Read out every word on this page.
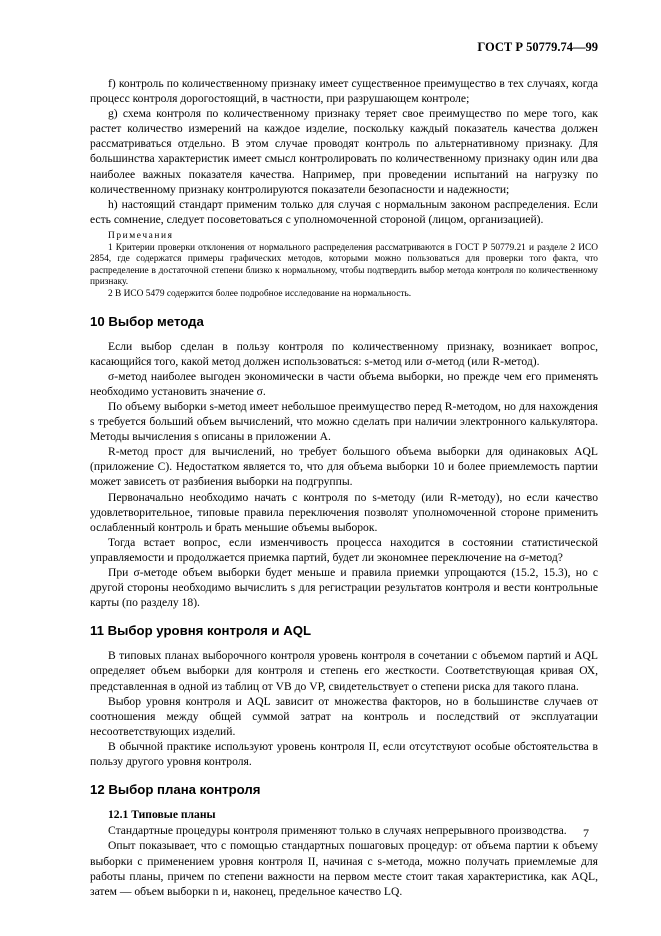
ГОСТ Р 50779.74—99

f) контроль по количественному признаку имеет существенное преимущество в тех случаях, когда процесс контроля дорогостоящий, в частности, при разрушающем контроле;

g) схема контроля по количественному признаку теряет свое преимущество по мере того, как растет количество измерений на каждое изделие, поскольку каждый показатель качества должен рассматриваться отдельно. В этом случае проводят контроль по альтернативному признаку. Для большинства характеристик имеет смысл контролировать по количественному признаку один или два наиболее важных показателя качества. Например, при проведении испытаний на нагрузку по количественному признаку контролируются показатели безопасности и надежности;

h) настоящий стандарт применим только для случая с нормальным законом распределения. Если есть сомнение, следует посоветоваться с уполномоченной стороной (лицом, организацией).

Примечания

1 Критерии проверки отклонения от нормального распределения рассматриваются в ГОСТ Р 50779.21 и разделе 2 ИСО 2854, где содержатся примеры графических методов, которыми можно пользоваться для проверки того факта, что распределение в достаточной степени близко к нормальному, чтобы подтвердить выбор метода контроля по количественному признаку.

2 В ИСО 5479 содержится более подробное исследование на нормальность.

10 Выбор метода

Если выбор сделан в пользу контроля по количественному признаку, возникает вопрос, касающийся того, какой метод должен использоваться: s-метод или σ-метод (или R-метод).

σ-метод наиболее выгоден экономически в части объема выборки, но прежде чем его применять необходимо установить значение σ.

По объему выборки s-метод имеет небольшое преимущество перед R-методом, но для нахождения s требуется больший объем вычислений, что можно сделать при наличии электронного калькулятора. Методы вычисления s описаны в приложении А.

R-метод прост для вычислений, но требует большого объема выборки для одинаковых AQL (приложение С). Недостатком является то, что для объема выборки 10 и более приемлемость партии может зависеть от разбиения выборки на подгруппы.

Первоначально необходимо начать с контроля по s-методу (или R-методу), но если качество удовлетворительное, типовые правила переключения позволят уполномоченной стороне применить ослабленный контроль и брать меньшие объемы выборок.

Тогда встает вопрос, если изменчивость процесса находится в состоянии статистической управляемости и продолжается приемка партий, будет ли экономнее переключение на σ-метод?

При σ-методе объем выборки будет меньше и правила приемки упрощаются (15.2, 15.3), но с другой стороны необходимо вычислить s для регистрации результатов контроля и вести контрольные карты (по разделу 18).

11 Выбор уровня контроля и AQL

В типовых планах выборочного контроля уровень контроля в сочетании с объемом партий и AQL определяет объем выборки для контроля и степень его жесткости. Соответствующая кривая ОХ, представленная в одной из таблиц от VB до VP, свидетельствует о степени риска для такого плана.

Выбор уровня контроля и AQL зависит от множества факторов, но в большинстве случаев от соотношения между общей суммой затрат на контроль и последствий от эксплуатации несоответствующих изделий.

В обычной практике используют уровень контроля II, если отсутствуют особые обстоятельства в пользу другого уровня контроля.

12 Выбор плана контроля
12.1 Типовые планы

Стандартные процедуры контроля применяют только в случаях непрерывного производства.

Опыт показывает, что с помощью стандартных пошаговых процедур: от объема партии к объему выборки с применением уровня контроля II, начиная с s-метода, можно получать приемлемые для работы планы, причем по степени важности на первом месте стоит такая характеристика, как AQL, затем — объем выборки n и, наконец, предельное качество LQ.

7
